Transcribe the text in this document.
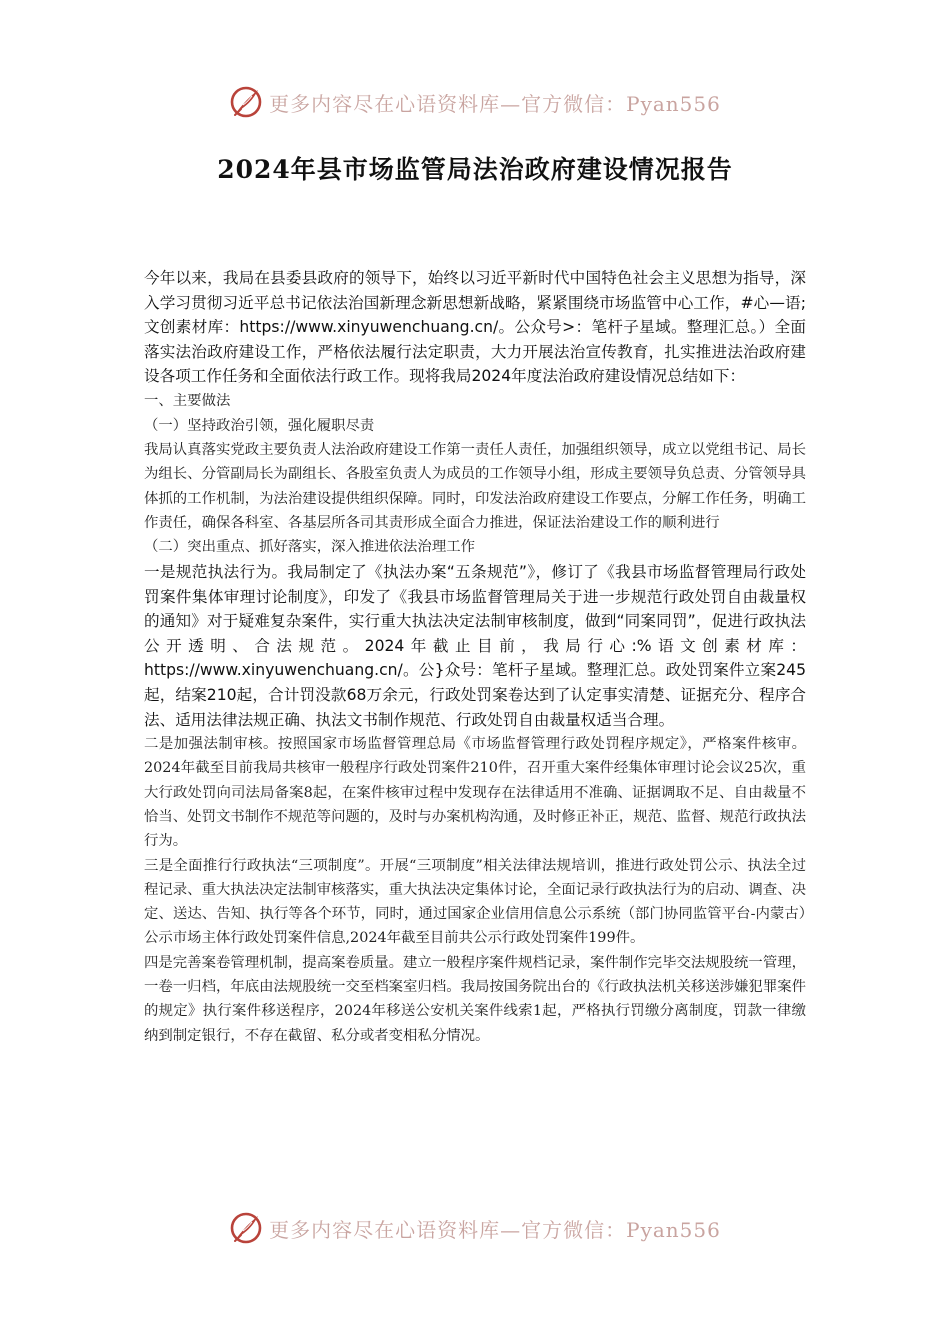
更多内容尽在心语资料库—官方微信：Pyan556
2024年县市场监管局法治政府建设情况报告

今年以来，我局在县委县政府的领导下，始终以习近平新时代中国特色社会主义思想为指导，深入学习贯彻习近平总书记依法治国新理念新思想新战略，紧紧围绕市场监管中心工作，#心—语;文创素材库：https://www.xinyuwenchuang.cn/。公众号>：笔杆子星域。整理汇总。）全面落实法治政府建设工作，严格依法履行法定职责，大力开展法治宣传教育，扎实推进法治政府建设各项工作任务和全面依法行政工作。现将我局2024年度法治政府建设情况总结如下：

一、主要做法

（一）坚持政治引领，强化履职尽责

我局认真落实党政主要负责人法治政府建设工作第一责任人责任，加强组织领导，成立以党组书记、局长为组长、分管副局长为副组长、各股室负责人为成员的工作领导小组，形成主要领导负总责、分管领导具体抓的工作机制，为法治建设提供组织保障。同时，印发法治政府建设工作要点，分解工作任务，明确工作责任，确保各科室、各基层所各司其责形成全面合力推进，保证法治建设工作的顺利进行

（二）突出重点、抓好落实，深入推进依法治理工作

一是规范执法行为。我局制定了《执法办案“五条规范”》，修订了《我县市场监督管理局行政处罚案件集体审理讨论制度》，印发了《我县市场监督管理局关于进一步规范行政处罚自由裁量权的通知》对于疑难复杂案件，实行重大执法决定法制审核制度，做到“同案同罚”，促进行政执法公开透明、合法规范。2024年截止目前，我局行心:%语文创素材库：https://www.xinyuwenchuang.cn/。公}众号：笔杆子星域。整理汇总。政处罚案件立案245起，结案210起，合计罚没款68万余元，行政处罚案卷达到了认定事实清楚、证据充分、程序合法、适用法律法规正确、执法文书制作规范、行政处罚自由裁量权适当合理。

二是加强法制审核。按照国家市场监督管理总局《市场监督管理行政处罚程序规定》，严格案件核审。2024年截至目前我局共核审一般程序行政处罚案件210件，召开重大案件经集体审理讨论会议25次，重大行政处罚向司法局备案8起，在案件核审过程中发现存在法律适用不准确、证据调取不足、自由裁量不恰当、处罚文书制作不规范等问题的，及时与办案机构沟通，及时修正补正，规范、监督、规范行政执法行为。

三是全面推行行政执法“三项制度”。开展“三项制度”相关法律法规培训，推进行政处罚公示、执法全过程记录、重大执法决定法制审核落实，重大执法决定集体讨论，全面记录行政执法行为的启动、调查、决定、送达、告知、执行等各个环节，同时，通过国家企业信用信息公示系统（部门协同监管平台-内蒙古）公示市场主体行政处罚案件信息,2024年截至目前共公示行政处罚案件199件。

四是完善案卷管理机制，提高案卷质量。建立一般程序案件规档记录，案件制作完毕交法规股统一管理，一卷一归档，年底由法规股统一交至档案室归档。我局按国务院出台的《行政执法机关移送涉嫌犯罪案件的规定》执行案件移送程序，2024年移送公安机关案件线索1起，严格执行罚缴分离制度，罚款一律缴纳到制定银行，不存在截留、私分或者变相私分情况。

更多内容尽在心语资料库—官方微信：Pyan556
